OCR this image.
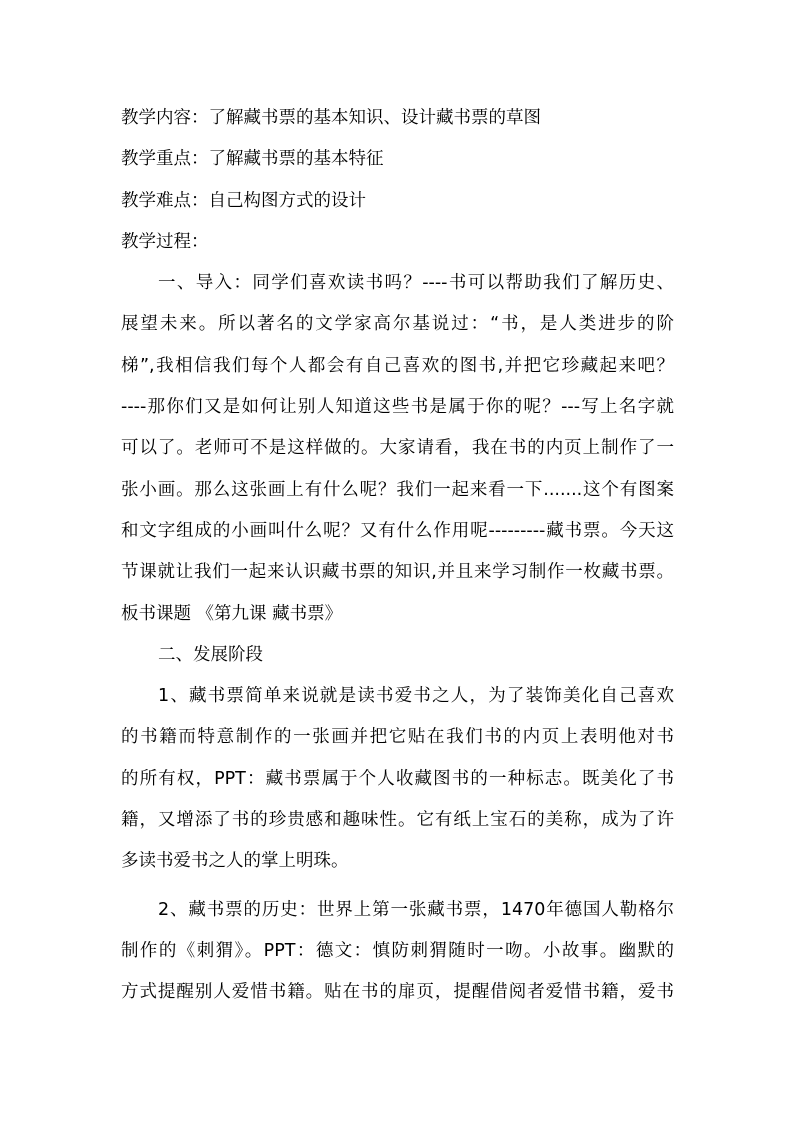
教学内容：了解藏书票的基本知识、设计藏书票的草图
教学重点：了解藏书票的基本特征
教学难点：自己构图方式的设计
教学过程：
一、导入：同学们喜欢读书吗？----书可以帮助我们了解历史、
展望未来。所以著名的文学家高尔基说过：“书，是人类进步的阶
梯”,我相信我们每个人都会有自己喜欢的图书,并把它珍藏起来吧？
----那你们又是如何让别人知道这些书是属于你的呢？---写上名字就
可以了。老师可不是这样做的。大家请看，我在书的内页上制作了一
张小画。那么这张画上有什么呢？我们一起来看一下.......这个有图案
和文字组成的小画叫什么呢？又有什么作用呢---------藏书票。今天这
节课就让我们一起来认识藏书票的知识,并且来学习制作一枚藏书票。
板书课题 《第九课 藏书票》
二、发展阶段
1、藏书票简单来说就是读书爱书之人，为了装饰美化自己喜欢
的书籍而特意制作的一张画并把它贴在我们书的内页上表明他对书
的所有权，PPT：藏书票属于个人收藏图书的一种标志。既美化了书
籍，又增添了书的珍贵感和趣味性。它有纸上宝石的美称，成为了许
多读书爱书之人的掌上明珠。
2、藏书票的历史：世界上第一张藏书票，1470年德国人勒格尔
制作的《刺猬》。PPT：德文：慎防刺猬随时一吻。小故事。幽默的
方式提醒别人爱惜书籍。贴在书的扉页，提醒借阅者爱惜书籍，爱书
